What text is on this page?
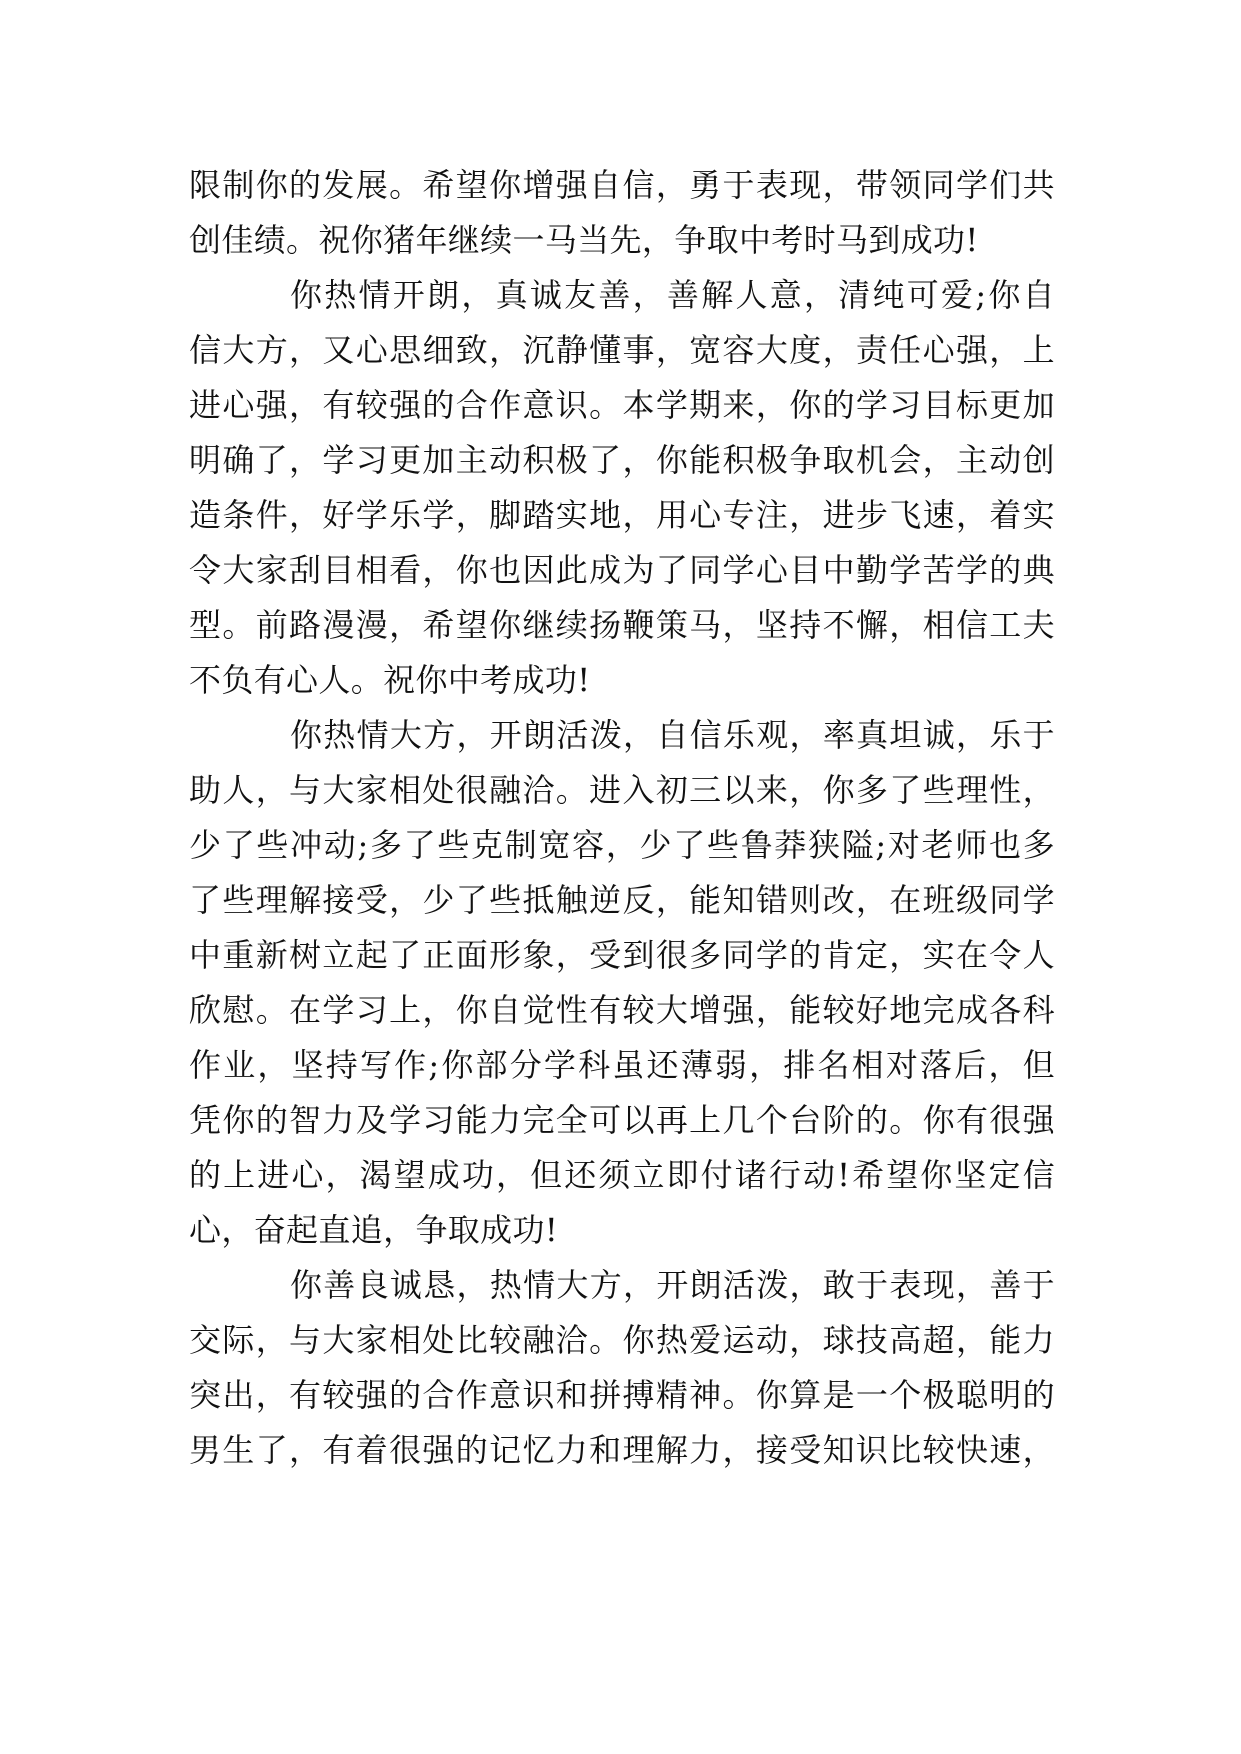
限制你的发展。希望你增强自信，勇于表现，带领同学们共
创佳绩。祝你猪年继续一马当先，争取中考时马到成功!
你热情开朗，真诚友善，善解人意，清纯可爱;你自
信大方，又心思细致，沉静懂事，宽容大度，责任心强，上
进心强，有较强的合作意识。本学期来，你的学习目标更加
明确了，学习更加主动积极了，你能积极争取机会，主动创
造条件，好学乐学，脚踏实地，用心专注，进步飞速，着实
令大家刮目相看，你也因此成为了同学心目中勤学苦学的典
型。前路漫漫，希望你继续扬鞭策马，坚持不懈，相信工夫
不负有心人。祝你中考成功!
你热情大方，开朗活泼，自信乐观，率真坦诚，乐于
助人，与大家相处很融洽。进入初三以来，你多了些理性，
少了些冲动;多了些克制宽容，少了些鲁莽狭隘;对老师也多
了些理解接受，少了些抵触逆反，能知错则改，在班级同学
中重新树立起了正面形象，受到很多同学的肯定，实在令人
欣慰。在学习上，你自觉性有较大增强，能较好地完成各科
作业，坚持写作;你部分学科虽还薄弱，排名相对落后，但
凭你的智力及学习能力完全可以再上几个台阶的。你有很强
的上进心，渴望成功，但还须立即付诸行动!希望你坚定信
心，奋起直追，争取成功!
你善良诚恳，热情大方，开朗活泼，敢于表现，善于
交际，与大家相处比较融洽。你热爱运动，球技高超，能力
突出，有较强的合作意识和拼搏精神。你算是一个极聪明的
男生了，有着很强的记忆力和理解力，接受知识比较快速，
